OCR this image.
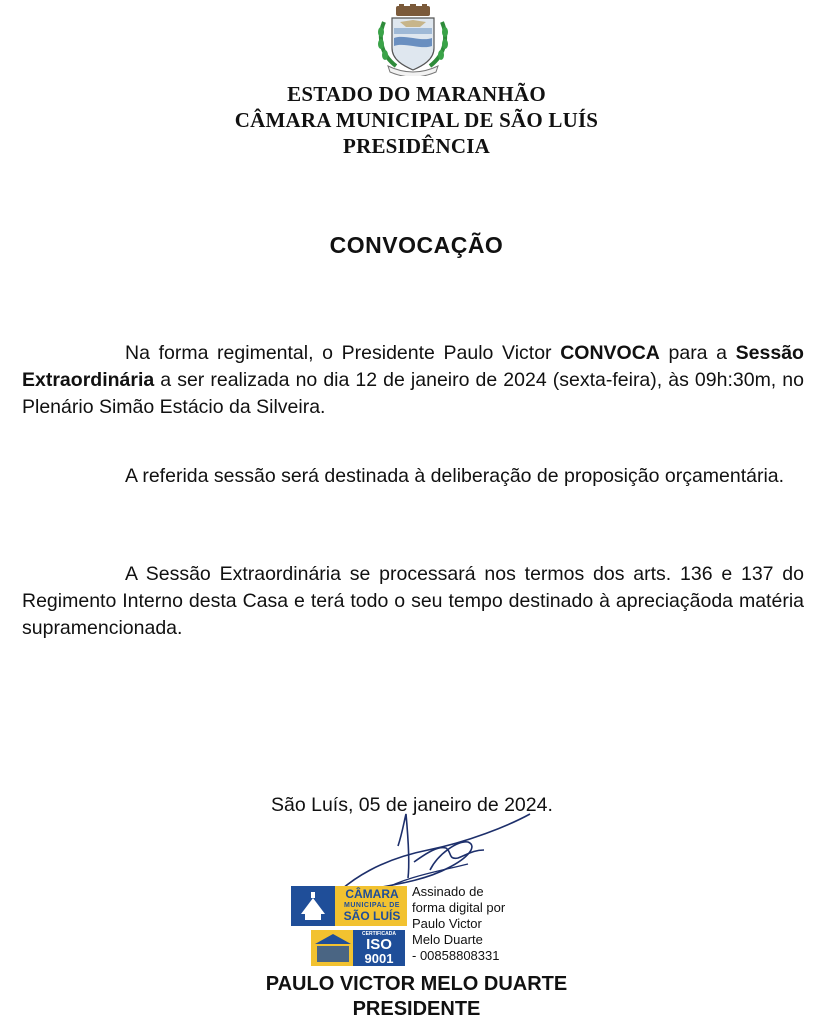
ESTADO DO MARANHÃO
CÂMARA MUNICIPAL DE SÃO LUÍS
PRESIDÊNCIA
CONVOCAÇÃO
Na forma regimental, o Presidente Paulo Victor CONVOCA para a Sessão Extraordinária a ser realizada no dia 12 de janeiro de 2024 (sexta-feira), às 09h:30m, no Plenário Simão Estácio da Silveira.
A referida sessão será destinada à deliberação de proposição orçamentária.
A Sessão Extraordinária se processará nos termos dos arts. 136 e 137 do Regimento Interno desta Casa e terá todo o seu tempo destinado à apreciaçãoda matéria supramencionada.
São Luís, 05 de janeiro de 2024.
CÂMARA
MUNICIPAL DE
SÃO LUÍS
CERTIFICADA
ISO
9001
Assinado de
forma digital por
Paulo Victor
Melo Duarte
- 00858808331
PAULO VICTOR MELO DUARTE
PRESIDENTE
